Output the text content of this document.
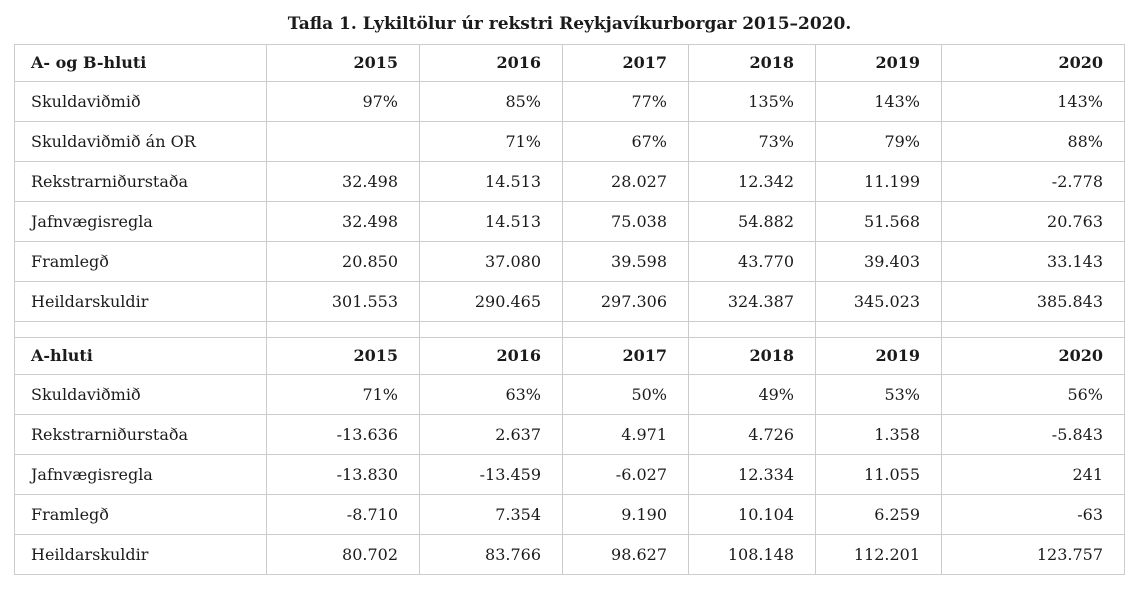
Tafla 1. Lykiltölur úr rekstri Reykjavíkurborgar 2015–2020.
A- og B-hluti	2015	2016	2017	2018	2019	2020
Skuldaviðmið	97%	85%	77%	135%	143%	143%
Skuldaviðmið án OR		71%	67%	73%	79%	88%
Rekstrarniðurstaða	32.498	14.513	28.027	12.342	11.199	-2.778
Jafnvægisregla	32.498	14.513	75.038	54.882	51.568	20.763
Framlegð	20.850	37.080	39.598	43.770	39.403	33.143
Heildarskuldir	301.553	290.465	297.306	324.387	345.023	385.843

A-hluti	2015	2016	2017	2018	2019	2020
Skuldaviðmið	71%	63%	50%	49%	53%	56%
Rekstrarniðurstaða	-13.636	2.637	4.971	4.726	1.358	-5.843
Jafnvægisregla	-13.830	-13.459	-6.027	12.334	11.055	241
Framlegð	-8.710	7.354	9.190	10.104	6.259	-63
Heildarskuldir	80.702	83.766	98.627	108.148	112.201	123.757
